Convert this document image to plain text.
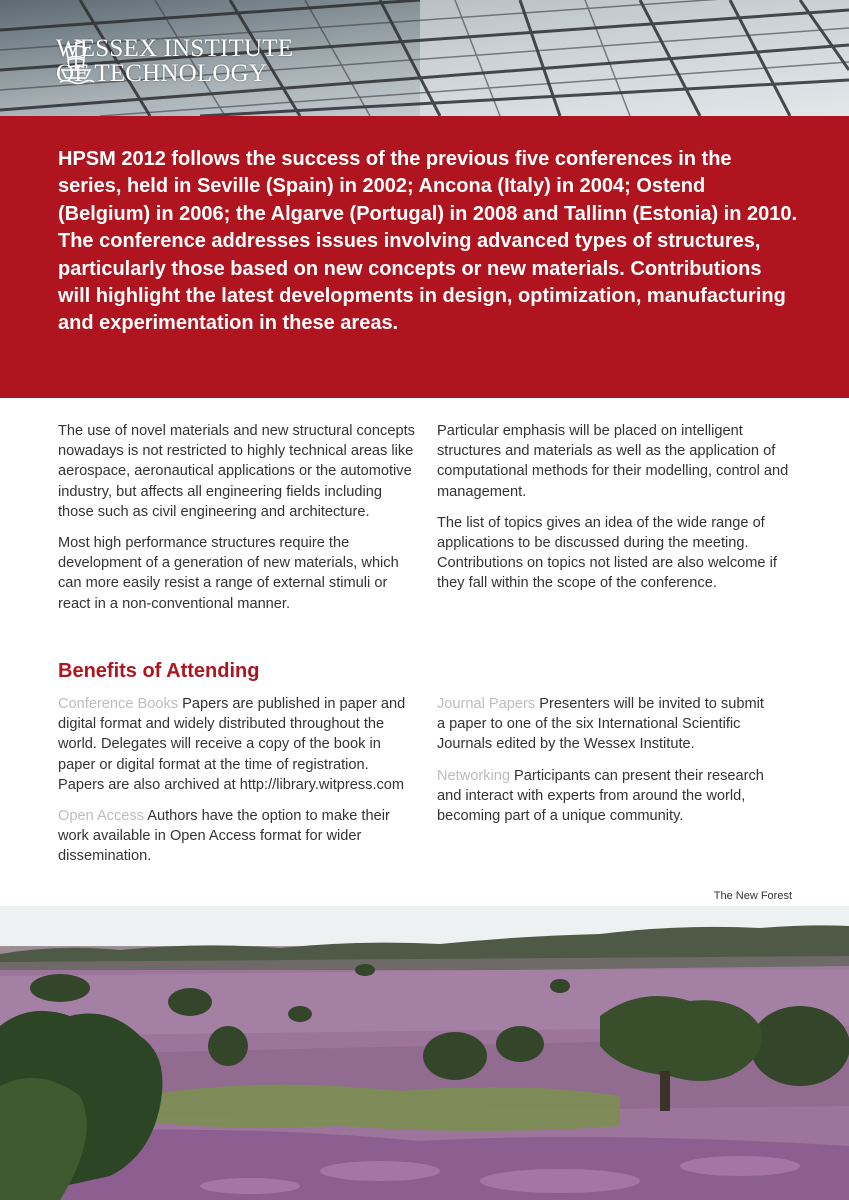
WESSEX INSTITUTE
OF TECHNOLOGY
HPSM 2012 follows the success of the previous five conferences in the series, held in Seville (Spain) in 2002; Ancona (Italy) in 2004; Ostend (Belgium) in 2006; the Algarve (Portugal) in 2008 and Tallinn (Estonia) in 2010. The conference addresses issues involving advanced types of structures, particularly those based on new concepts or new materials. Contributions will highlight the latest developments in design, optimization, manufacturing and experimentation in these areas.

The use of novel materials and new structural concepts nowadays is not restricted to highly technical areas like aerospace, aeronautical applications or the automotive industry, but affects all engineering fields including those such as civil engineering and architecture.

Most high performance structures require the development of a generation of new materials, which can more easily resist a range of external stimuli or react in a non-conventional manner.

Particular emphasis will be placed on intelligent structures and materials as well as the application of computational methods for their modelling, control and management.

The list of topics gives an idea of the wide range of applications to be discussed during the meeting. Contributions on topics not listed are also welcome if they fall within the scope of the conference.

Benefits of Attending

Conference Books Papers are published in paper and digital format and widely distributed throughout the world. Delegates will receive a copy of the book in paper or digital format at the time of registration. Papers are also archived at http://library.witpress.com

Open Access Authors have the option to make their work available in Open Access format for wider dissemination.

Journal Papers Presenters will be invited to submit a paper to one of the six International Scientific Journals edited by the Wessex Institute.

Networking Participants can present their research and interact with experts from around the world, becoming part of a unique community.

The New Forest
